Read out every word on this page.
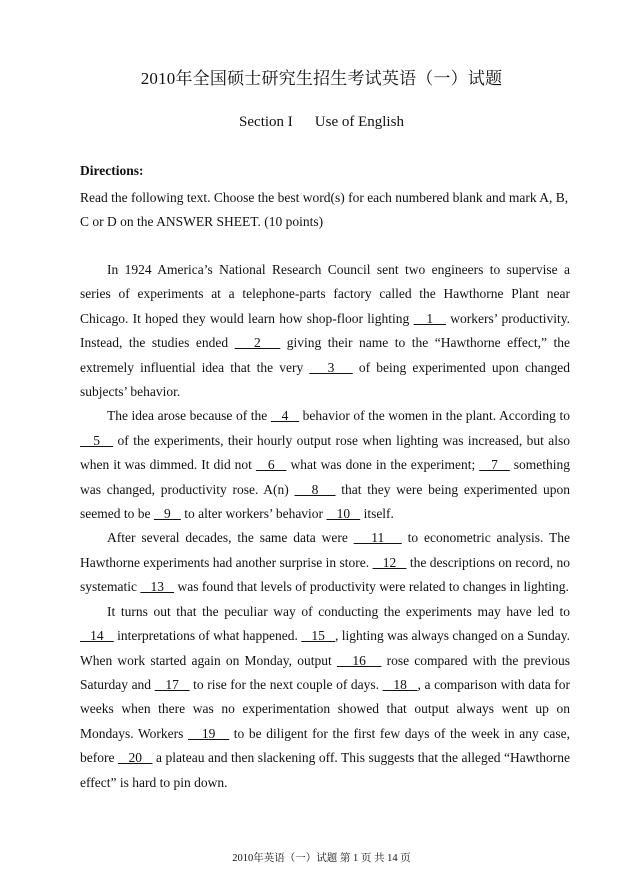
2010年全国硕士研究生招生考试英语（一）试题
Section I Use of English
Directions:

Read the following text. Choose the best word(s) for each numbered blank and mark A, B, C or D on the ANSWER SHEET. (10 points)

In 1924 America’s National Research Council sent two engineers to supervise a series of experiments at a telephone-parts factory called the Hawthorne Plant near Chicago. It hoped they would learn how shop-floor lighting    1    workers’ productivity. Instead, the studies ended    2    giving their name to the “Hawthorne effect,” the extremely influential idea that the very    3    of being experimented upon changed subjects’ behavior.

The idea arose because of the    4    behavior of the women in the plant. According to    5    of the experiments, their hourly output rose when lighting was increased, but also when it was dimmed. It did not    6    what was done in the experiment;    7    something was changed, productivity rose. A(n)    8    that they were being experimented upon seemed to be    9    to alter workers’ behavior    10    itself.

After several decades, the same data were    11    to econometric analysis. The Hawthorne experiments had another surprise in store.    12    the descriptions on record, no systematic    13    was found that levels of productivity were related to changes in lighting.

It turns out that the peculiar way of conducting the experiments may have led to    14    interpretations of what happened.    15   , lighting was always changed on a Sunday. When work started again on Monday, output    16    rose compared with the previous Saturday and    17    to rise for the next couple of days.    18   , a comparison with data for weeks when there was no experimentation showed that output always went up on Mondays. Workers    19    to be diligent for the first few days of the week in any case, before    20    a plateau and then slackening off. This suggests that the alleged “Hawthorne effect” is hard to pin down.

2010年英语（一）试题 第 1 页 共 14 页
